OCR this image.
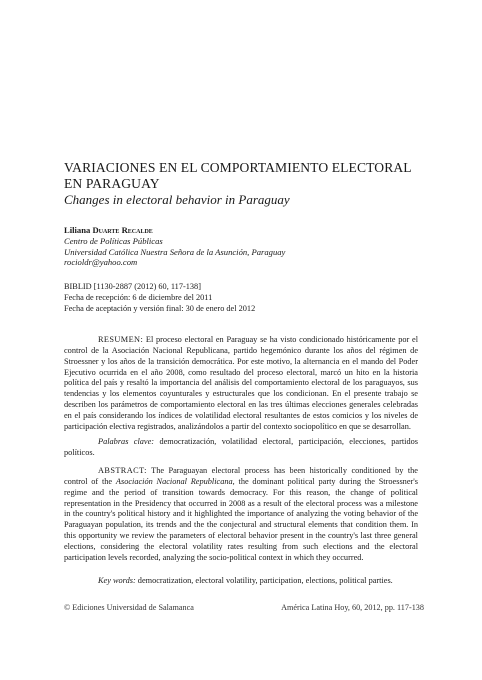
VARIACIONES EN EL COMPORTAMIENTO ELECTORAL
EN PARAGUAY

Changes in electoral behavior in Paraguay

Liliana Duarte Recalde
Centro de Políticas Públicas
Universidad Católica Nuestra Señora de la Asunción, Paraguay
rocioldr@yahoo.com
BIBLID [1130-2887 (2012) 60, 117-138]
Fecha de recepción: 6 de diciembre del 2011
Fecha de aceptación y versión final: 30 de enero del 2012

RESUMEN: El proceso electoral en Paraguay se ha visto condicionado históricamente por el control de la Asociación Nacional Republicana, partido hegemónico durante los años del régimen de Stroessner y los años de la transición democrática. Por este motivo, la alternancia en el mando del Poder Ejecutivo ocurrida en el año 2008, como resultado del proceso electoral, marcó un hito en la historia política del país y resaltó la importancia del análisis del comportamiento electoral de los paraguayos, sus tendencias y los elementos coyunturales y estructurales que los condicionan. En el presente trabajo se describen los parámetros de comportamiento electoral en las tres últimas elecciones generales celebradas en el país considerando los índices de volatilidad electoral resultantes de estos comicios y los niveles de participación electiva registrados, analizándolos a partir del contexto sociopolítico en que se desarrollan.

Palabras clave: democratización, volatilidad electoral, participación, elecciones, partidos políticos.

ABSTRACT: The Paraguayan electoral process has been historically conditioned by the control of the Asociación Nacional Republicana, the dominant political party during the Stroessner's regime and the period of transition towards democracy. For this reason, the change of political representation in the Presidency that occurred in 2008 as a result of the electoral process was a milestone in the country's political history and it highlighted the importance of analyzing the voting behavior of the Paraguayan population, its trends and the the conjectural and structural elements that condition them. In this opportunity we review the parameters of electoral behavior present in the country's last three general elections, considering the electoral volatility rates resulting from such elections and the electoral participation levels recorded, analyzing the socio-political context in which they occurred.

Key words: democratization, electoral volatility, participation, elections, political parties.

© Ediciones Universidad de Salamanca	América Latina Hoy, 60, 2012, pp. 117-138
